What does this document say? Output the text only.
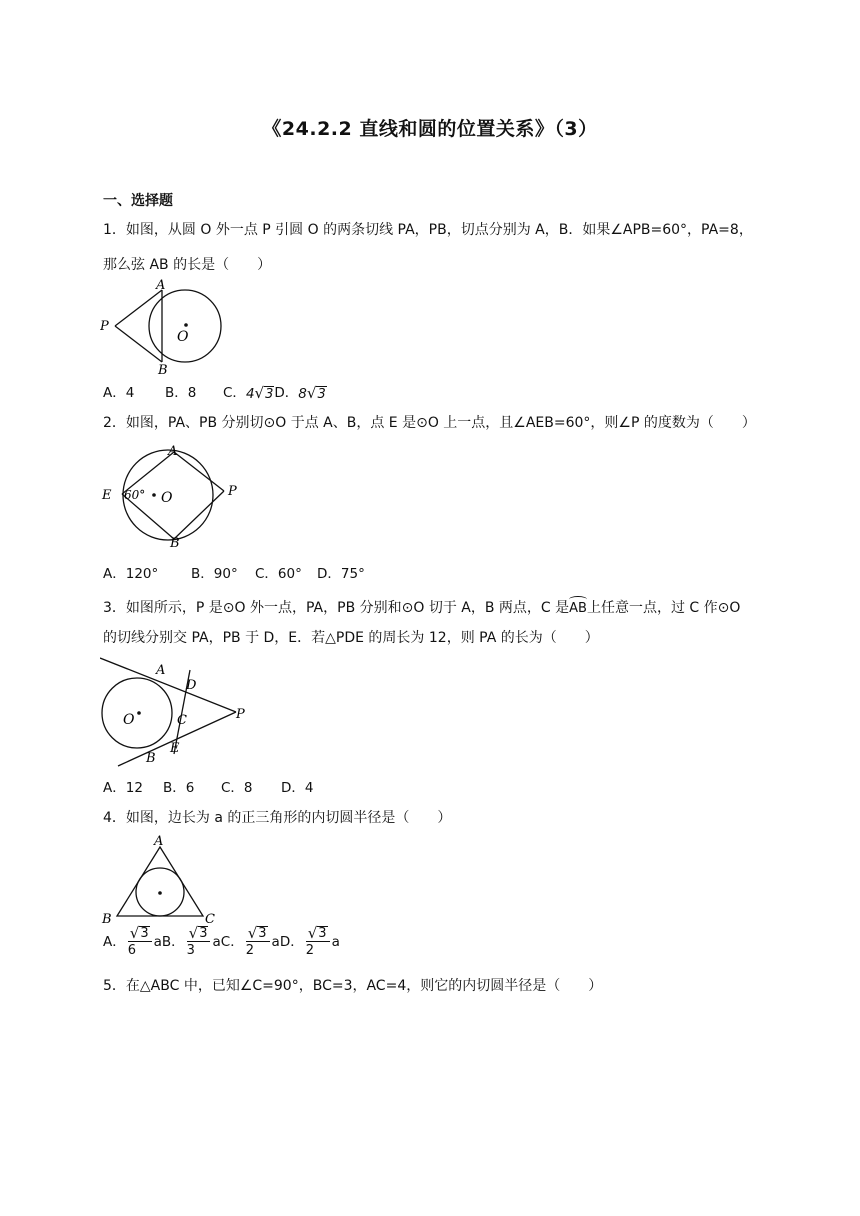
《24.2.2 直线和圆的位置关系》（3）
一、选择题
1．如图，从圆 O 外一点 P 引圆 O 的两条切线 PA，PB，切点分别为 A，B．如果∠APB=60°，PA=8，
那么弦 AB 的长是（　　）
A
B
P
O
A．4 B．8 C．4√3D．8√3
2．如图，PA、PB 分别切⊙O 于点 A、B，点 E 是⊙O 上一点，且∠AEB=60°，则∠P 的度数为（　　）
A
B
E	P
O
60°
A．120° B．90° C．60° D．75°
3．如图所示，P 是⊙O 外一点，PA，PB 分别和⊙O 切于 A，B 两点，C 是AB上任意一点，过 C 作⊙O
的切线分别交 PA，PB 于 D，E．若△PDE 的周长为 12，则 PA 的长为（　　）
A
B
C
D
E
O	P
A．12 B．6 C．8 D．4
4．如图，边长为 a 的正三角形的内切圆半径是（　　）
A
B	C
A． $\frac{√ 3}{6}$ aB． $\frac{√ 3}{3}$ aC． $\frac{√ 3}{2}$ aD． $\frac{√ 3}{2}$ a
5．在△ABC 中，已知∠C=90°，BC=3，AC=4，则它的内切圆半径是（　　）
